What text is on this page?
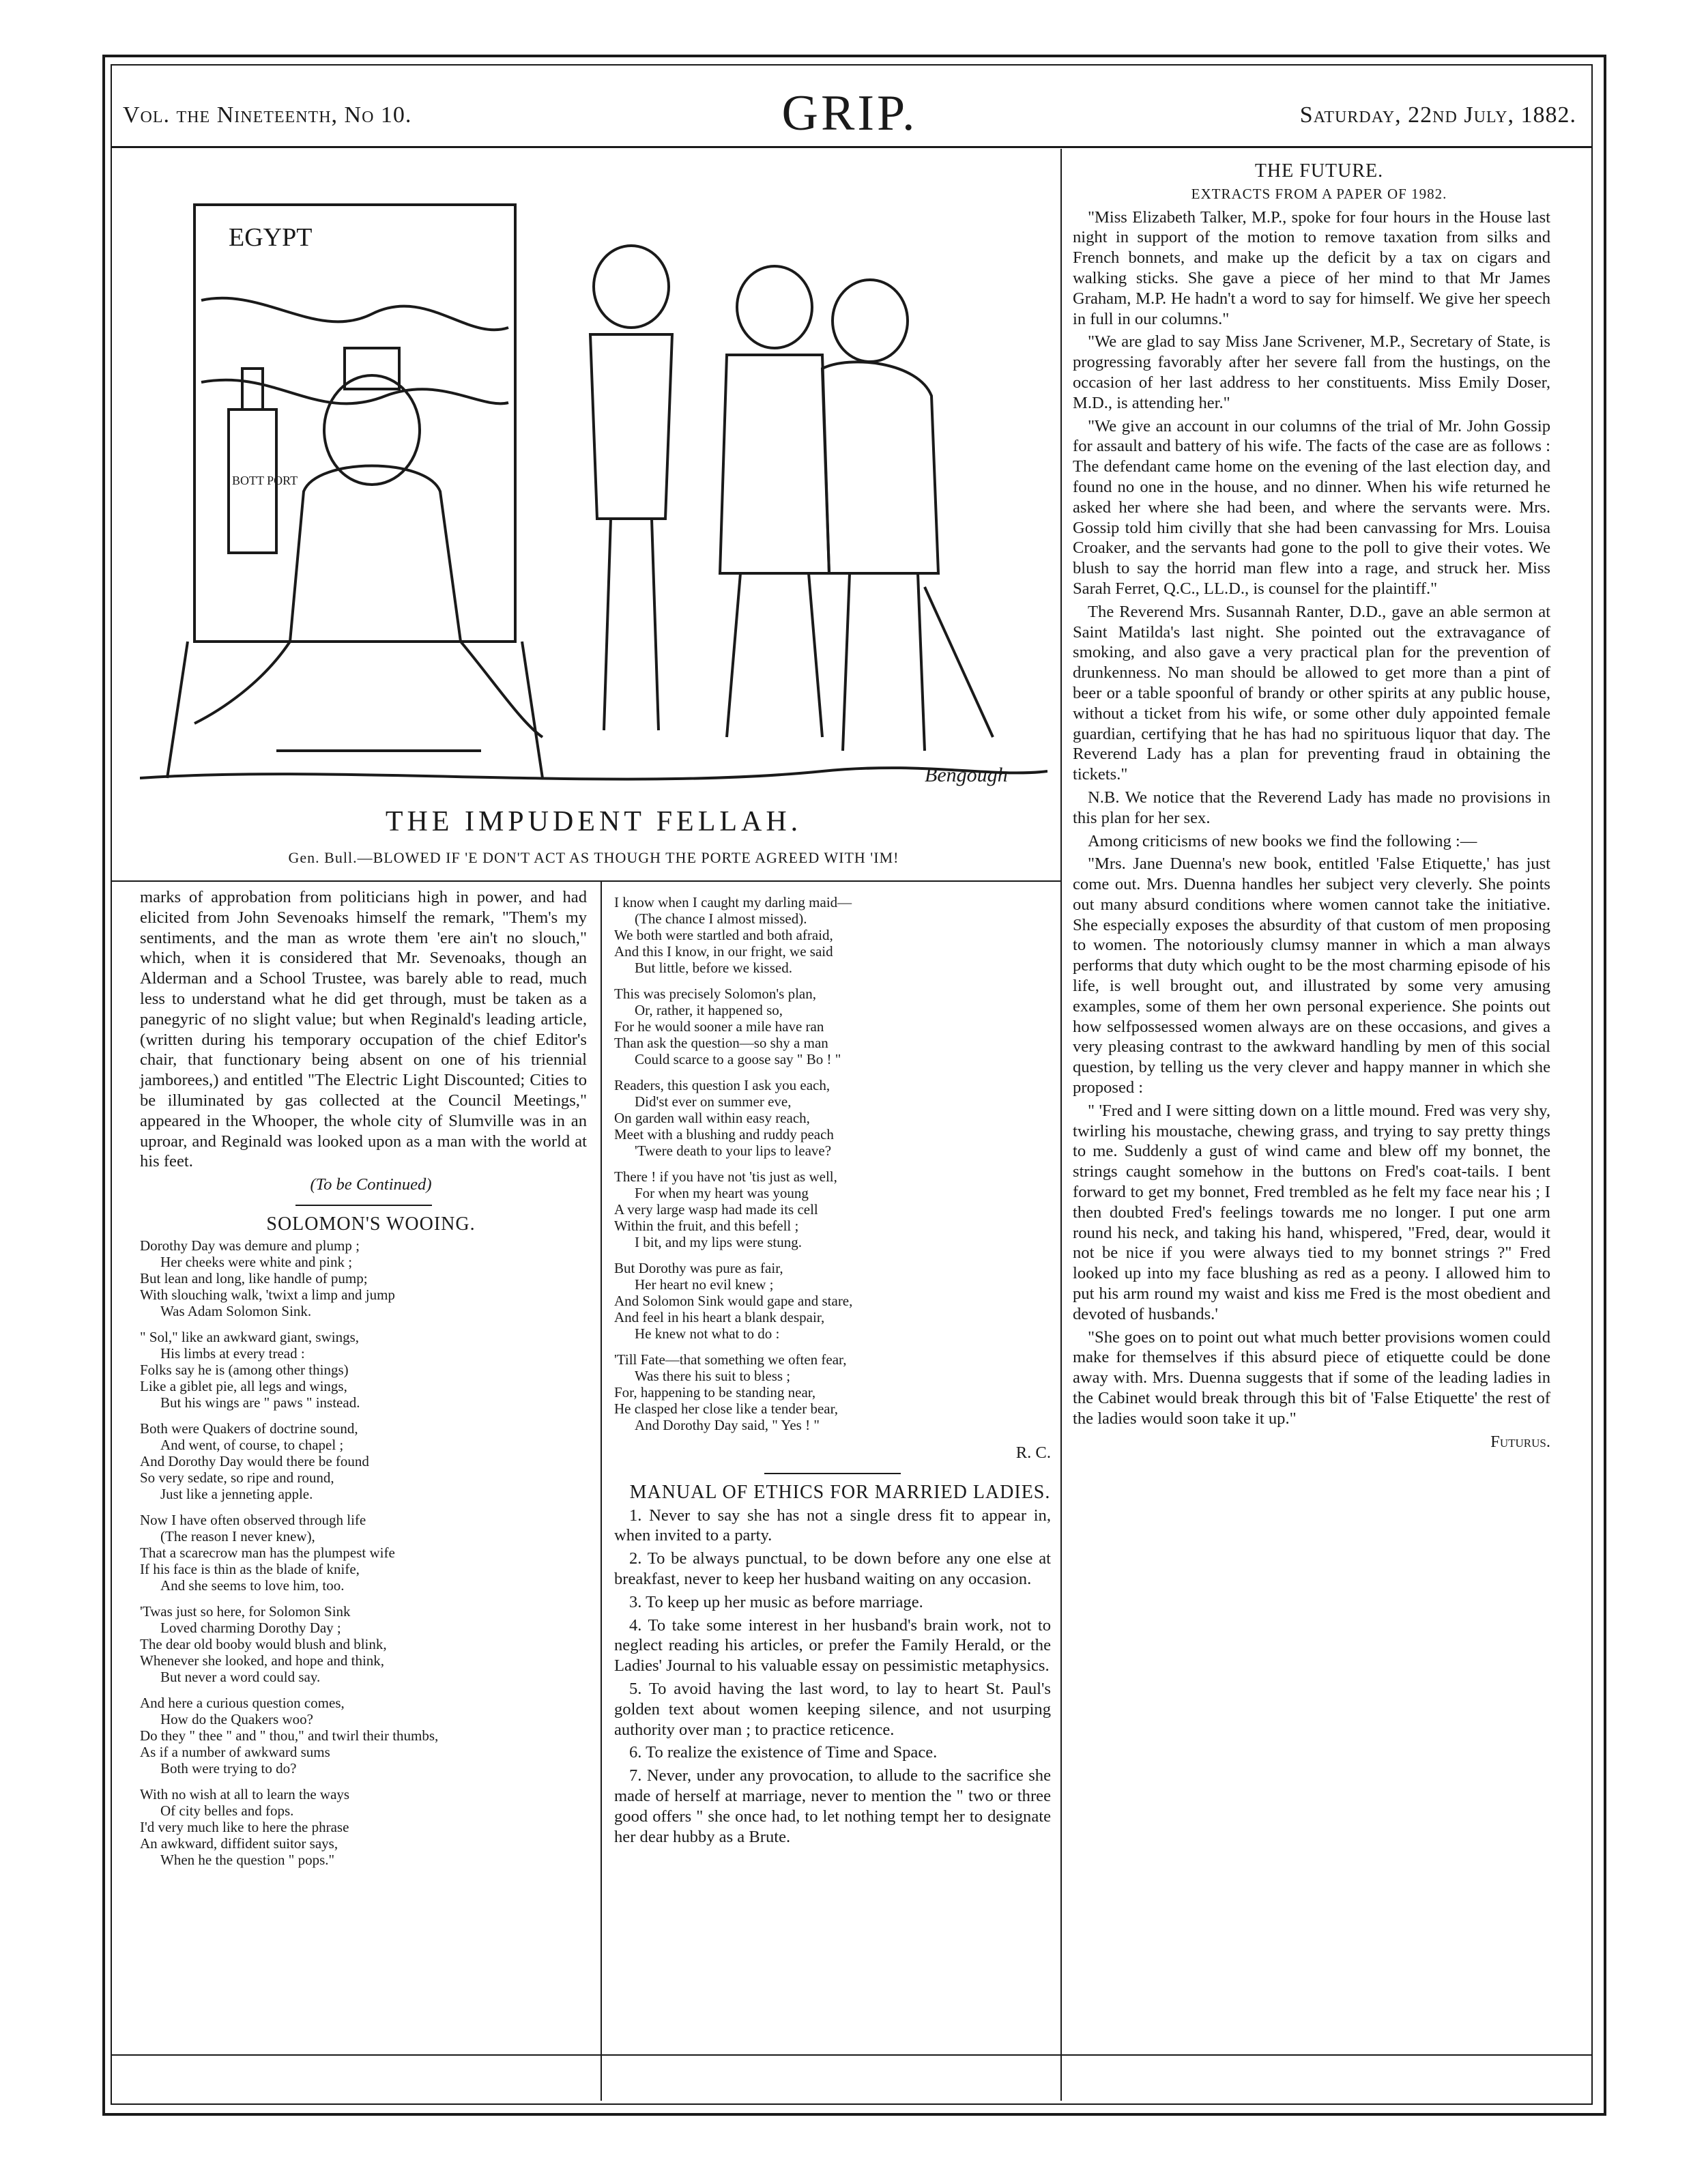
Vol. the Nineteenth, No 10.	GRIP.	Saturday, 22nd July, 1882.
EGYPT
BOTT PORT
Bengough
THE IMPUDENT FELLAH.
Gen. Bull.—BLOWED IF 'E DON'T ACT AS THOUGH THE PORTE AGREED WITH 'IM!

marks of approbation from politicians high in power, and had elicited from John Sevenoaks himself the remark, "Them's my sentiments, and the man as wrote them 'ere ain't no slouch," which, when it is considered that Mr. Sevenoaks, though an Alderman and a School Trustee, was barely able to read, much less to understand what he did get through, must be taken as a panegyric of no slight value; but when Reginald's leading article, (written during his temporary occupation of the chief Editor's chair, that functionary being absent on one of his triennial jamborees,) and entitled "The Electric Light Discounted; Cities to be illuminated by gas collected at the Council Meetings," appeared in the Whooper, the whole city of Slumville was in an uproar, and Reginald was looked upon as a man with the world at his feet.

(To be Continued)

SOLOMON'S WOOING.

Dorothy Day was demure and plump ;
Her cheeks were white and pink ;
But lean and long, like handle of pump;
With slouching walk, 'twixt a limp and jump
Was Adam Solomon Sink.
" Sol," like an awkward giant, swings,
His limbs at every tread :
Folks say he is (among other things)
Like a giblet pie, all legs and wings,
But his wings are " paws " instead.
Both were Quakers of doctrine sound,
And went, of course, to chapel ;
And Dorothy Day would there be found
So very sedate, so ripe and round,
Just like a jenneting apple.
Now I have often observed through life
(The reason I never knew),
That a scarecrow man has the plumpest wife
If his face is thin as the blade of knife,
And she seems to love him, too.
'Twas just so here, for Solomon Sink
Loved charming Dorothy Day ;
The dear old booby would blush and blink,
Whenever she looked, and hope and think,
But never a word could say.
And here a curious question comes,
How do the Quakers woo?
Do they " thee " and " thou," and twirl their thumbs,
As if a number of awkward sums
Both were trying to do?
With no wish at all to learn the ways
Of city belles and fops.
I'd very much like to here the phrase
An awkward, diffident suitor says,
When he the question " pops."
I know when I caught my darling maid—
(The chance I almost missed).
We both were startled and both afraid,
And this I know, in our fright, we said
But little, before we kissed.
This was precisely Solomon's plan,
Or, rather, it happened so,
For he would sooner a mile have ran
Than ask the question—so shy a man
Could scarce to a goose say " Bo ! "
Readers, this question I ask you each,
Did'st ever on summer eve,
On garden wall within easy reach,
Meet with a blushing and ruddy peach
'Twere death to your lips to leave?
There ! if you have not 'tis just as well,
For when my heart was young
A very large wasp had made its cell
Within the fruit, and this befell ;
I bit, and my lips were stung.
But Dorothy was pure as fair,
Her heart no evil knew ;
And Solomon Sink would gape and stare,
And feel in his heart a blank despair,
He knew not what to do :
'Till Fate—that something we often fear,
Was there his suit to bless ;
For, happening to be standing near,
He clasped her close like a tender bear,
And Dorothy Day said, " Yes ! "

R. C.

MANUAL OF ETHICS FOR MARRIED LADIES.

1. Never to say she has not a single dress fit to appear in, when invited to a party.

2. To be always punctual, to be down before any one else at breakfast, never to keep her husband waiting on any occasion.

3. To keep up her music as before marriage.

4. To take some interest in her husband's brain work, not to neglect reading his articles, or prefer the Family Herald, or the Ladies' Journal to his valuable essay on pessimistic metaphysics.

5. To avoid having the last word, to lay to heart St. Paul's golden text about women keeping silence, and not usurping authority over man ; to practice reticence.

6. To realize the existence of Time and Space.

7. Never, under any provocation, to allude to the sacrifice she made of herself at marriage, never to mention the " two or three good offers " she once had, to let nothing tempt her to designate her dear hubby as a Brute.

THE FUTURE.

EXTRACTS FROM A PAPER OF 1982.

"Miss Elizabeth Talker, M.P., spoke for four hours in the House last night in support of the motion to remove taxation from silks and French bonnets, and make up the deficit by a tax on cigars and walking sticks. She gave a piece of her mind to that Mr James Graham, M.P. He hadn't a word to say for himself. We give her speech in full in our columns."

"We are glad to say Miss Jane Scrivener, M.P., Secretary of State, is progressing favorably after her severe fall from the hustings, on the occasion of her last address to her constituents. Miss Emily Doser, M.D., is attending her."

"We give an account in our columns of the trial of Mr. John Gossip for assault and battery of his wife. The facts of the case are as follows : The defendant came home on the evening of the last election day, and found no one in the house, and no dinner. When his wife returned he asked her where she had been, and where the servants were. Mrs. Gossip told him civilly that she had been canvassing for Mrs. Louisa Croaker, and the servants had gone to the poll to give their votes. We blush to say the horrid man flew into a rage, and struck her. Miss Sarah Ferret, Q.C., LL.D., is counsel for the plaintiff."

The Reverend Mrs. Susannah Ranter, D.D., gave an able sermon at Saint Matilda's last night. She pointed out the extravagance of smoking, and also gave a very practical plan for the prevention of drunkenness. No man should be allowed to get more than a pint of beer or a table spoonful of brandy or other spirits at any public house, without a ticket from his wife, or some other duly appointed female guardian, certifying that he has had no spirituous liquor that day. The Reverend Lady has a plan for preventing fraud in obtaining the tickets."

N.B. We notice that the Reverend Lady has made no provisions in this plan for her sex.

Among criticisms of new books we find the following :—

"Mrs. Jane Duenna's new book, entitled 'False Etiquette,' has just come out. Mrs. Duenna handles her subject very cleverly. She points out many absurd conditions where women cannot take the initiative. She especially exposes the absurdity of that custom of men proposing to women. The notoriously clumsy manner in which a man always performs that duty which ought to be the most charming episode of his life, is well brought out, and illustrated by some very amusing examples, some of them her own personal experience. She points out how selfpossessed women always are on these occasions, and gives a very pleasing contrast to the awkward handling by men of this social question, by telling us the very clever and happy manner in which she proposed :

" 'Fred and I were sitting down on a little mound. Fred was very shy, twirling his moustache, chewing grass, and trying to say pretty things to me. Suddenly a gust of wind came and blew off my bonnet, the strings caught somehow in the buttons on Fred's coat-tails. I bent forward to get my bonnet, Fred trembled as he felt my face near his ; I then doubted Fred's feelings towards me no longer. I put one arm round his neck, and taking his hand, whispered, "Fred, dear, would it not be nice if you were always tied to my bonnet strings ?" Fred looked up into my face blushing as red as a peony. I allowed him to put his arm round my waist and kiss me Fred is the most obedient and devoted of husbands.'

"She goes on to point out what much better provisions women could make for themselves if this absurd piece of etiquette could be done away with. Mrs. Duenna suggests that if some of the leading ladies in the Cabinet would break through this bit of 'False Etiquette' the rest of the ladies would soon take it up."

Futurus.
